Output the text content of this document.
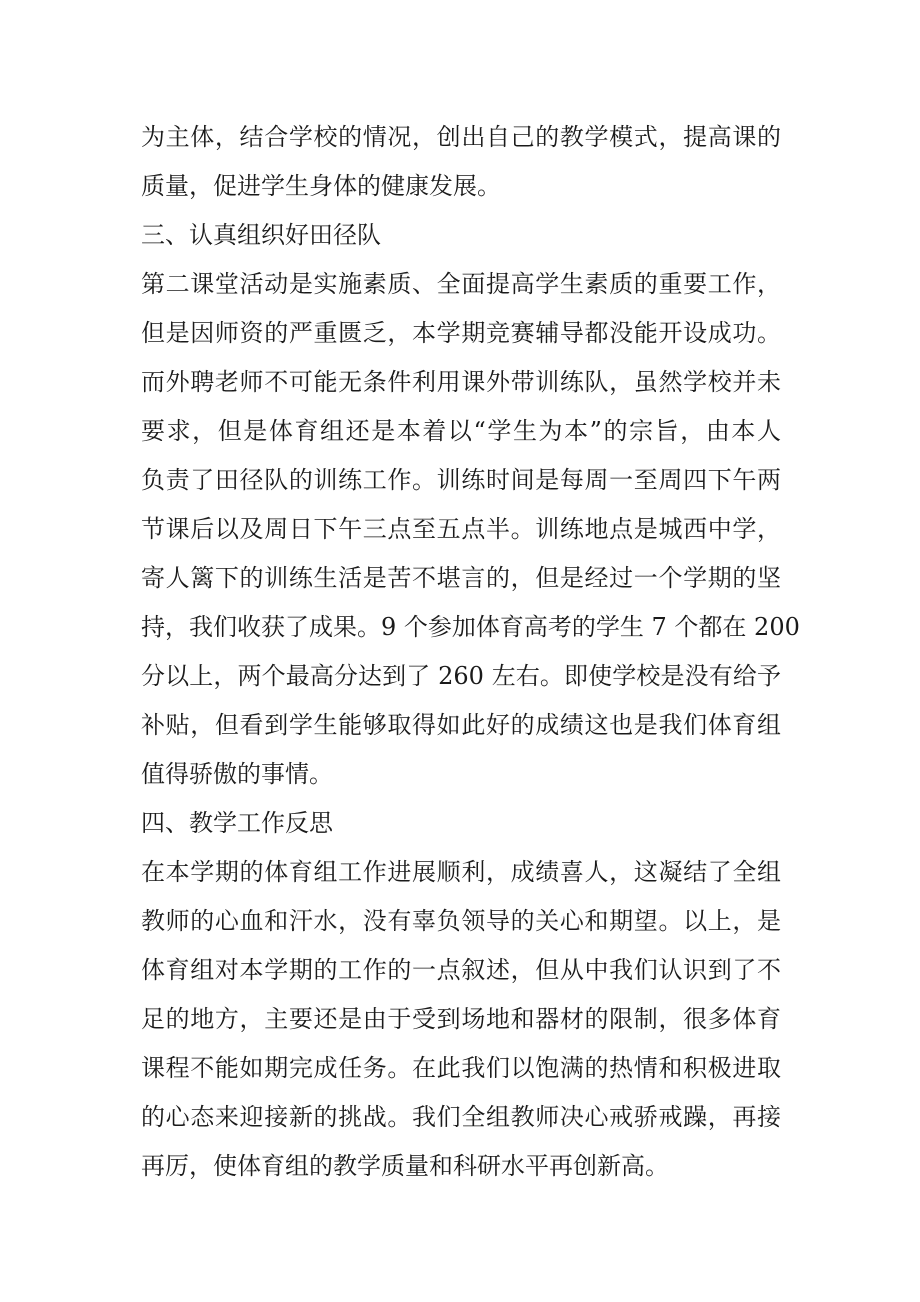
为主体，结合学校的情况，创出自己的教学模式，提高课的
质量，促进学生身体的健康发展。
三、认真组织好田径队
第二课堂活动是实施素质、全面提高学生素质的重要工作，
但是因师资的严重匮乏，本学期竞赛辅导都没能开设成功。
而外聘老师不可能无条件利用课外带训练队，虽然学校并未
要求，但是体育组还是本着以“学生为本”的宗旨，由本人
负责了田径队的训练工作。训练时间是每周一至周四下午两
节课后以及周日下午三点至五点半。训练地点是城西中学，
寄人篱下的训练生活是苦不堪言的，但是经过一个学期的坚
持，我们收获了成果。9 个参加体育高考的学生 7 个都在 200
分以上，两个最高分达到了 260 左右。即使学校是没有给予
补贴，但看到学生能够取得如此好的成绩这也是我们体育组
值得骄傲的事情。
四、教学工作反思
在本学期的体育组工作进展顺利，成绩喜人，这凝结了全组
教师的心血和汗水，没有辜负领导的关心和期望。以上，是
体育组对本学期的工作的一点叙述，但从中我们认识到了不
足的地方，主要还是由于受到场地和器材的限制，很多体育
课程不能如期完成任务。在此我们以饱满的热情和积极进取
的心态来迎接新的挑战。我们全组教师决心戒骄戒躁，再接
再厉，使体育组的教学质量和科研水平再创新高。
